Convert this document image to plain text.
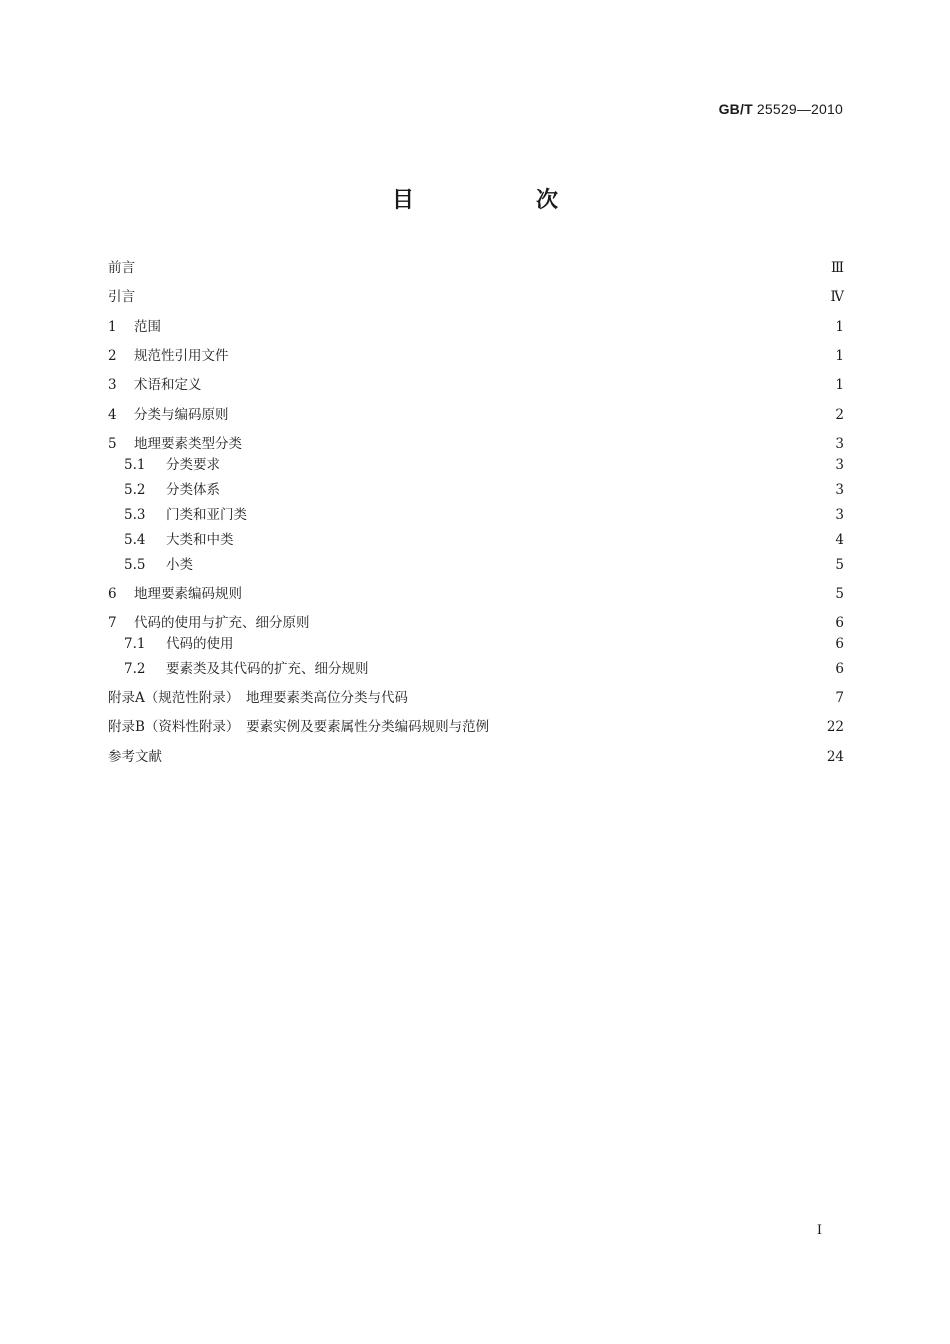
GB/T 25529—2010
目　次
前言	Ⅲ
引言	Ⅳ
1	范围	1
2	规范性引用文件	1
3	术语和定义	1
4	分类与编码原则	2
5	地理要素类型分类	3
5.1	分类要求	3
5.2	分类体系	3
5.3	门类和亚门类	3
5.4	大类和中类	4
5.5	小类	5
6	地理要素编码规则	5
7	代码的使用与扩充、细分原则	6
7.1	代码的使用	6
7.2	要素类及其代码的扩充、细分规则	6
附录A（规范性附录）　地理要素类高位分类与代码	7
附录B（资料性附录）　要素实例及要素属性分类编码规则与范例	22
参考文献	24
Ⅰ
